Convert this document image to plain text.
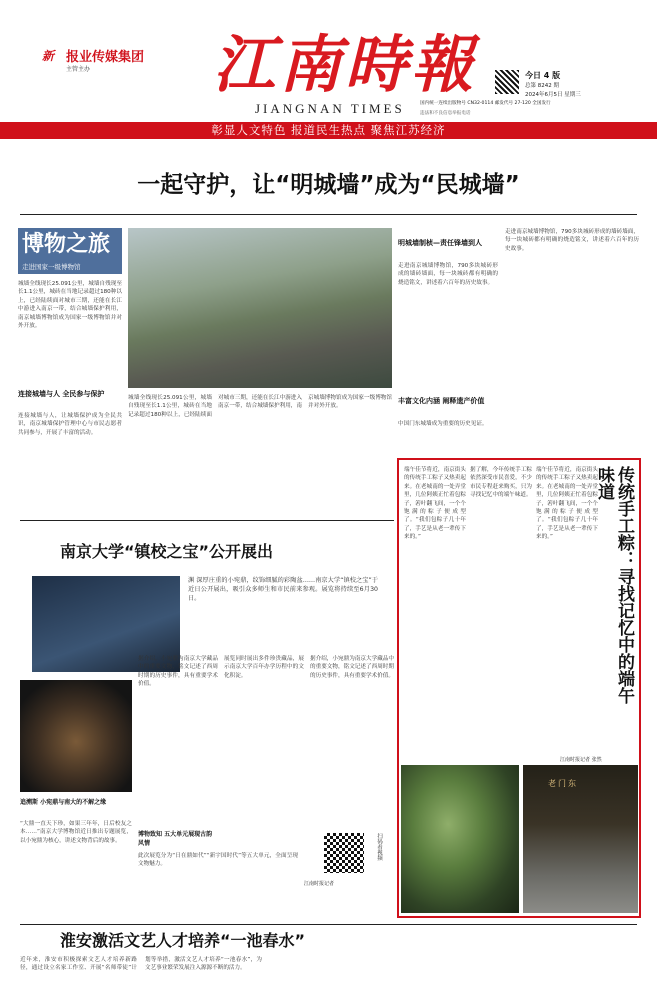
新 报业传媒集团
主管主办 江南時報
JIANGNAN TIMES
今日 4 版
总第 8242 期
2024年6月5日 星期三
国内统一连续出版物号 CN32-0114 邮发代号 27-120 全国发行
违法和不良信息举报电话
彰显人文特色 报道民生热点 聚焦江苏经济
一起守护，让“明城墙”成为“民城墙”
博物之旅
走进国家一级博物馆
城墙全线现长25.091公里，城墙自残现至长1.1公里，城砖在当地记录超过180种以上，已经陆续面对城市三期，还能在长江中游进入南京一带，结合城墙保护利用，南京城墙博物馆成为国家一级博物馆并对外开放。
连接城墙与人 全民参与保护
连接城墙与人，让城墙保护成为全民共识，南京城墙保护管理中心与市民志愿者共同参与，开展了丰富的活动。
城墙全线现长25.091公里，城墙自残现至长1.1公里，城砖在当地记录超过180种以上，已经陆续面对城市三期，还能在长江中游进入南京一带，结合城墙保护利用，南京城墙博物馆成为国家一级博物馆并对外开放。
明城墙制桢—责任锋墙到人
走进南京城墙博物馆，790多块城砖形成的墙砖墙面，每一块城砖都有明确的烧造铭文，讲述着六百年的历史故事。
丰富文化内涵 阐释遗产价值
中国门东城墙成为重要的历史见证。
走进南京城墙博物馆，790多块城砖形成的墙砖墙面，每一块城砖都有明确的烧造铭文，讲述着六百年的历史故事。
南京大学“镇校之宝”公开展出
渊 深厚庄重的小宛鼎，纹饰细腻的彩陶盆……南京大学“镇校之宝”于近日公开展出，吸引众多师生和市民前来参观。展览将持续至6月30日。
追溯斯 小宛鼎与南大的不解之缘
“大鼎一直天下珍，如果三年年，日后校友之本……”南京大学博物馆近日推出专题展览，以小宛鼎为核心，讲述文物背后的故事。
据介绍，小宛鼎为南京大学藏品中的重要文物，铭文记述了西周时期的历史事件，具有重要学术价值。
展览同时展出多件珍贵藏品，展示南京大学百年办学历程中的文化积淀。
博物致知 五大单元展现古韵风情
此次展览分为“日在鼎如代”“新宇国时代”等五大单元，全面呈现文物魅力。
据介绍，小宛鼎为南京大学藏品中的重要文物，铭文记述了西周时期的历史事件，具有重要学术价值。
扫码看视频
江南时报记者
传统手工粽：寻找记忆中的端午味道
端午佳节将近，南京街头的传统手工粽子又热卖起来。在老城南的一处弄堂里，几位阿姨正忙着包粽子，箬叶翻飞间，一个个饱满的粽子便成型了。“我们包粽子几十年了，手艺是从老一辈传下来的。”
据了解，今年传统手工粽依然深受市民喜爱，不少市民专程赶来购买，只为寻找记忆中的端午味道。
端午佳节将近，南京街头的传统手工粽子又热卖起来。在老城南的一处弄堂里，几位阿姨正忙着包粽子，箬叶翻飞间，一个个饱满的粽子便成型了。“我们包粽子几十年了，手艺是从老一辈传下来的。”
江南时报记者 张然
老门东
淮安激活文艺人才培养“一池春水”
近年来，淮安市积极探索文艺人才培养新路径，通过设立名家工作室、开展“名师带徒”计划等举措，激活文艺人才培养“一池春水”，为文艺事业繁荣发展注入源源不断的活力。
